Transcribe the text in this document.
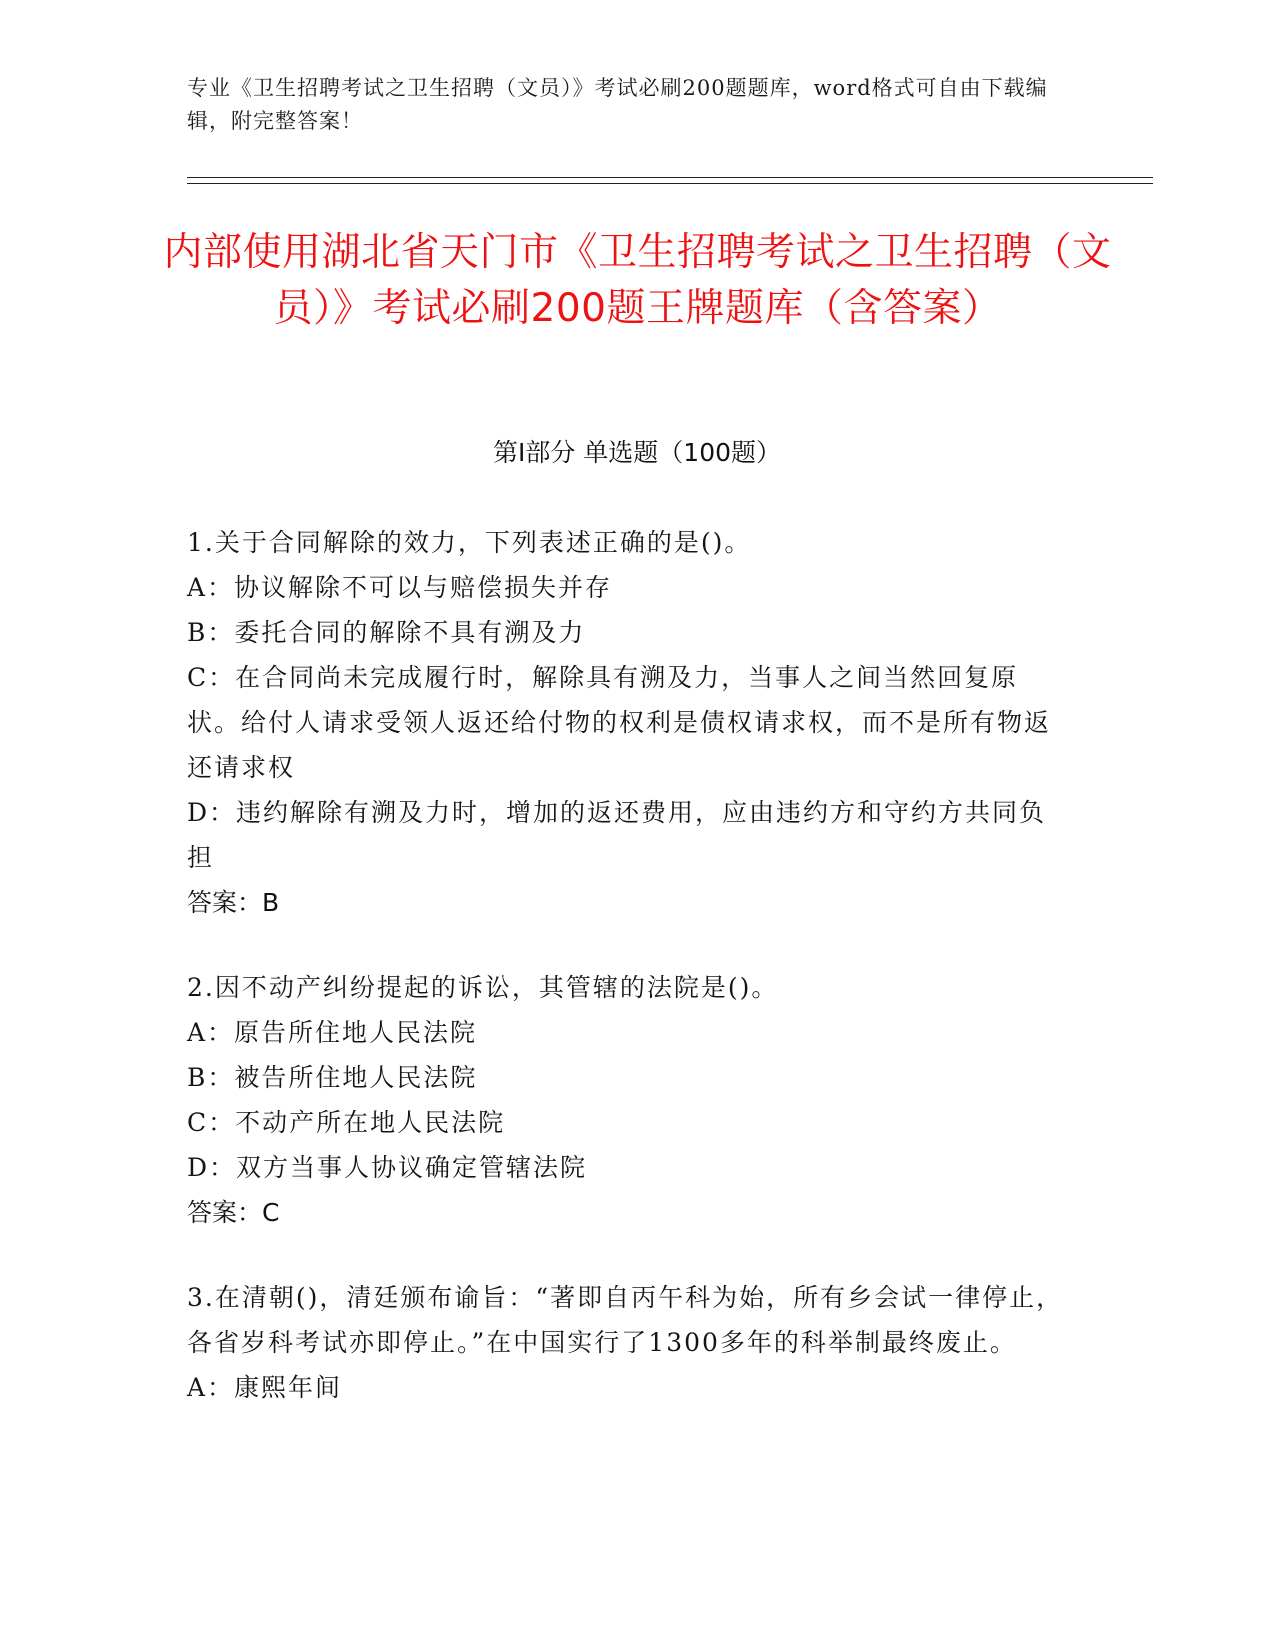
专业《卫生招聘考试之卫生招聘（文员）》考试必刷200题题库，word格式可自由下载编辑，附完整答案！
内部使用湖北省天门市《卫生招聘考试之卫生招聘（文员）》考试必刷200题王牌题库（含答案）
第Ⅰ部分 单选题（100题）

1.关于合同解除的效力，下列表述正确的是()。

A：协议解除不可以与赔偿损失并存

B：委托合同的解除不具有溯及力

C：在合同尚未完成履行时，解除具有溯及力，当事人之间当然回复原状。给付人请求受领人返还给付物的权利是债权请求权，而不是所有物返还请求权

D：违约解除有溯及力时，增加的返还费用，应由违约方和守约方共同负担

答案：B

2.因不动产纠纷提起的诉讼，其管辖的法院是()。

A：原告所住地人民法院

B：被告所住地人民法院

C：不动产所在地人民法院

D：双方当事人协议确定管辖法院

答案：C

3.在清朝()，清廷颁布谕旨：“著即自丙午科为始，所有乡会试一律停止，各省岁科考试亦即停止。”在中国实行了1300多年的科举制最终废止。

A：康熙年间
